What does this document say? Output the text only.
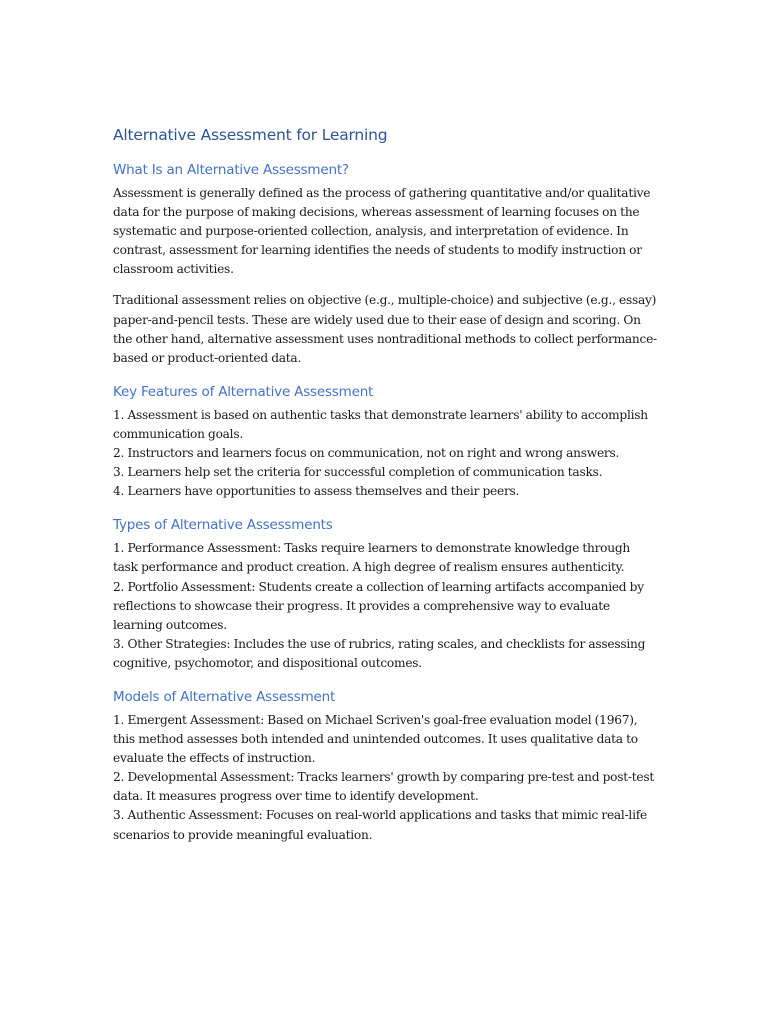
Alternative Assessment for Learning
What Is an Alternative Assessment?

Assessment is generally defined as the process of gathering quantitative and/or qualitative data for the purpose of making decisions, whereas assessment of learning focuses on the systematic and purpose-oriented collection, analysis, and interpretation of evidence. In contrast, assessment for learning identifies the needs of students to modify instruction or classroom activities.

Traditional assessment relies on objective (e.g., multiple-choice) and subjective (e.g., essay) paper-and-pencil tests. These are widely used due to their ease of design and scoring. On the other hand, alternative assessment uses nontraditional methods to collect performance-based or product-oriented data.

Key Features of Alternative Assessment

1. Assessment is based on authentic tasks that demonstrate learners' ability to accomplish communication goals.

2. Instructors and learners focus on communication, not on right and wrong answers.

3. Learners help set the criteria for successful completion of communication tasks.

4. Learners have opportunities to assess themselves and their peers.

Types of Alternative Assessments

1. Performance Assessment: Tasks require learners to demonstrate knowledge through task performance and product creation. A high degree of realism ensures authenticity.

2. Portfolio Assessment: Students create a collection of learning artifacts accompanied by reflections to showcase their progress. It provides a comprehensive way to evaluate learning outcomes.

3. Other Strategies: Includes the use of rubrics, rating scales, and checklists for assessing cognitive, psychomotor, and dispositional outcomes.

Models of Alternative Assessment

1. Emergent Assessment: Based on Michael Scriven's goal-free evaluation model (1967), this method assesses both intended and unintended outcomes. It uses qualitative data to evaluate the effects of instruction.

2. Developmental Assessment: Tracks learners' growth by comparing pre-test and post-test data. It measures progress over time to identify development.

3. Authentic Assessment: Focuses on real-world applications and tasks that mimic real-life scenarios to provide meaningful evaluation.
